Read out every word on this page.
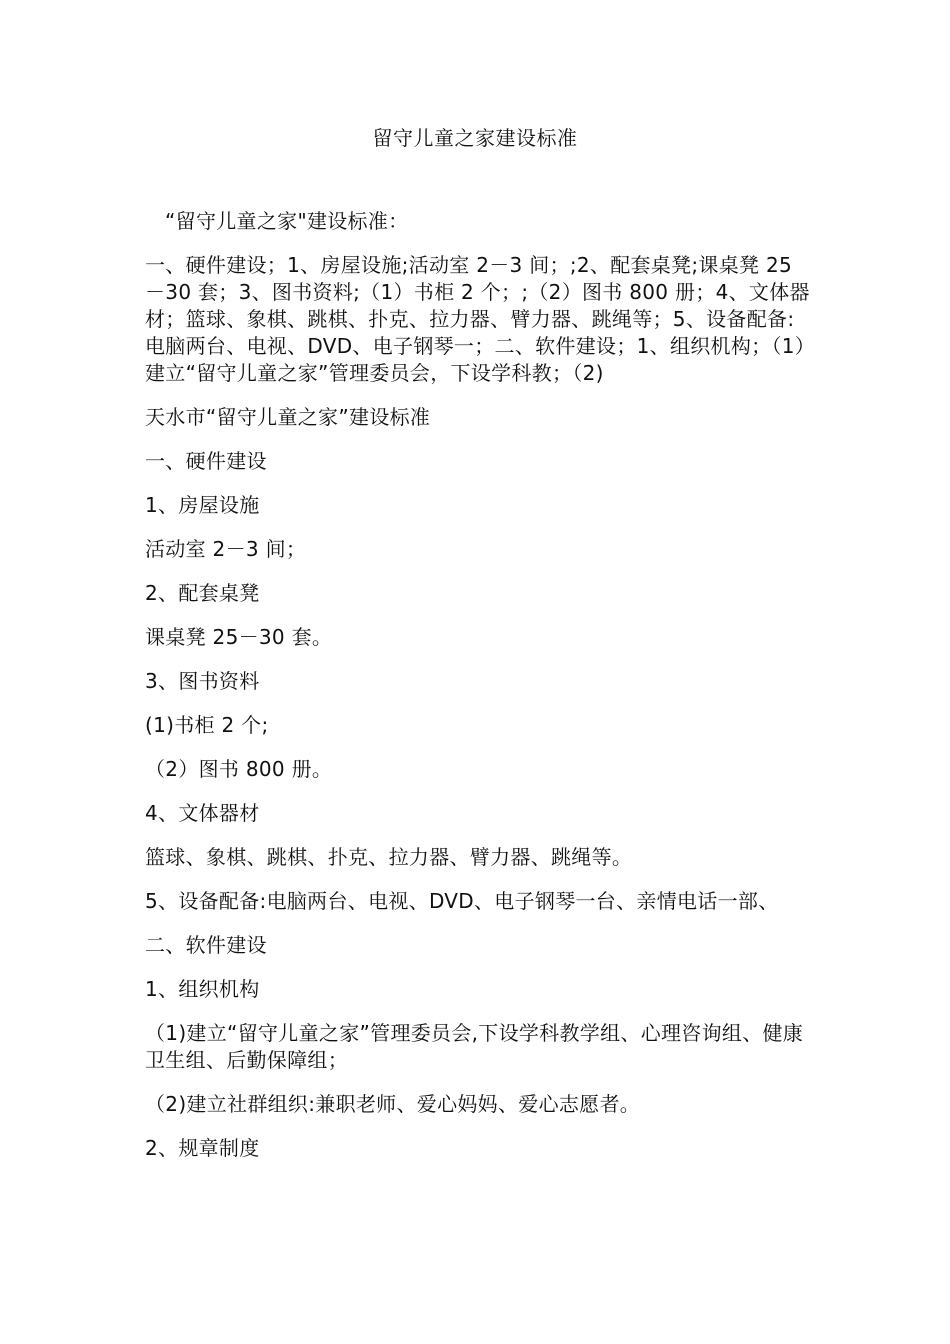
留守儿童之家建设标准

“留守儿童之家"建设标准：

一、硬件建设；1、房屋设施;活动室 2－3 间；;2、配套桌凳;课桌凳 25－30 套；3、图书资料;（1）书柜 2 个；;（2）图书 800 册；4、文体器材；篮球、象棋、跳棋、扑克、拉力器、臂力器、跳绳等；5、设备配备:电脑两台、电视、DVD、电子钢琴一；二、软件建设；1、组织机构；（1）建立“留守儿童之家”管理委员会，下设学科教；（2)

天水市“留守儿童之家”建设标准

一、硬件建设

1、房屋设施

活动室 2－3 间；

2、配套桌凳

课桌凳 25－30 套。

3、图书资料

(1)书柜 2 个;

（2）图书 800 册。

4、文体器材

篮球、象棋、跳棋、扑克、拉力器、臂力器、跳绳等。

5、设备配备:电脑两台、电视、DVD、电子钢琴一台、亲情电话一部、

二、软件建设

1、组织机构

（1)建立“留守儿童之家”管理委员会,下设学科教学组、心理咨询组、健康卫生组、后勤保障组；

（2)建立社群组织:兼职老师、爱心妈妈、爱心志愿者。

2、规章制度
